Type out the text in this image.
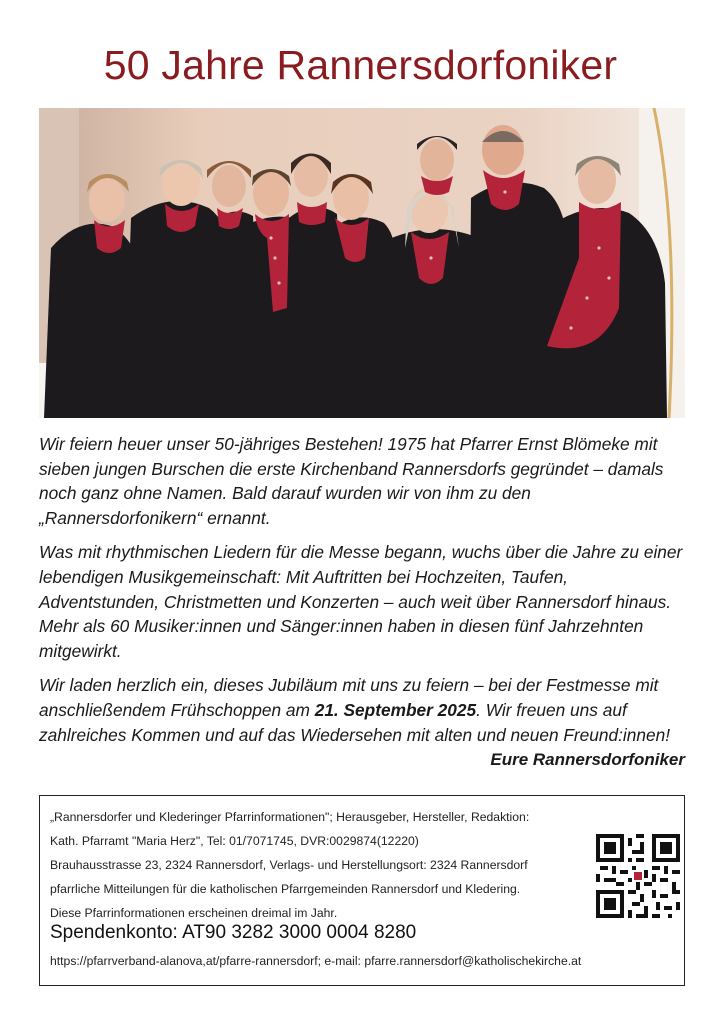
50 Jahre Rannersdorfoniker

Wir feiern heuer unser 50-jähriges Bestehen! 1975 hat Pfarrer Ernst Blömeke mit sieben jungen Burschen die erste Kirchenband Rannersdorfs gegründet – damals noch ganz ohne Namen. Bald darauf wurden wir von ihm zu den „Rannersdorfonikern“ ernannt.

Was mit rhythmischen Liedern für die Messe begann, wuchs über die Jahre zu einer lebendigen Musikgemeinschaft: Mit Auftritten bei Hochzeiten, Taufen, Adventstunden, Christmetten und Konzerten – auch weit über Rannersdorf hinaus. Mehr als 60 Musiker:innen und Sänger:innen haben in diesen fünf Jahrzehnten mitgewirkt.

Wir laden herzlich ein, dieses Jubiläum mit uns zu feiern – bei der Festmesse mit anschließendem Frühschoppen am 21. September 2025. Wir freuen uns auf zahlreiches Kommen und auf das Wiedersehen mit alten und neuen Freund:innen!

Eure Rannersdorfoniker
„Rannersdorfer und Klederinger Pfarrinformationen"; Herausgeber, Hersteller, Redaktion:
Kath. Pfarramt "Maria Herz", Tel: 01/7071745, DVR:0029874(12220)
Brauhausstrasse 23, 2324 Rannersdorf, Verlags- und Herstellungsort: 2324 Rannersdorf
pfarrliche Mitteilungen für die katholischen Pfarrgemeinden Rannersdorf und Kledering.
Diese Pfarrinformationen erscheinen dreimal im Jahr.
Spendenkonto: AT90 3282 3000 0004 8280
https://pfarrverband-alanova,at/pfarre-rannersdorf; e-mail: pfarre.rannersdorf@katholischekirche.at
